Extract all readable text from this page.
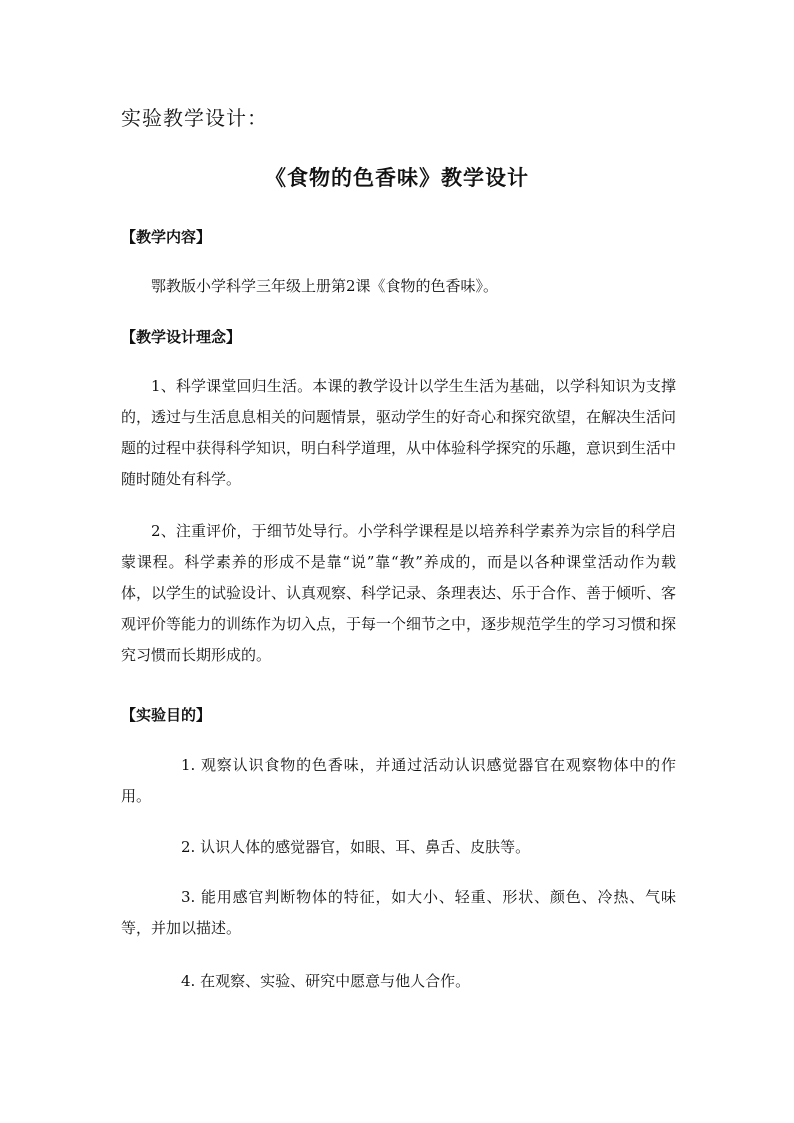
实验教学设计：
《食物的色香味》教学设计
【教学内容】
鄂教版小学科学三年级上册第2课《食物的色香味》。
【教学设计理念】
1、科学课堂回归生活。本课的教学设计以学生生活为基础，以学科知识为支撑的，透过与生活息息相关的问题情景，驱动学生的好奇心和探究欲望，在解决生活问题的过程中获得科学知识，明白科学道理，从中体验科学探究的乐趣，意识到生活中随时随处有科学。
2、注重评价，于细节处导行。小学科学课程是以培养科学素养为宗旨的科学启蒙课程。科学素养的形成不是靠“说”靠“教”养成的，而是以各种课堂活动作为载体，以学生的试验设计、认真观察、科学记录、条理表达、乐于合作、善于倾听、客观评价等能力的训练作为切入点，于每一个细节之中，逐步规范学生的学习习惯和探究习惯而长期形成的。
【实验目的】
1. 观察认识食物的色香味，并通过活动认识感觉器官在观察物体中的作用。
2. 认识人体的感觉器官，如眼、耳、鼻舌、皮肤等。
3. 能用感官判断物体的特征，如大小、轻重、形状、颜色、冷热、气味等，并加以描述。
4. 在观察、实验、研究中愿意与他人合作。
